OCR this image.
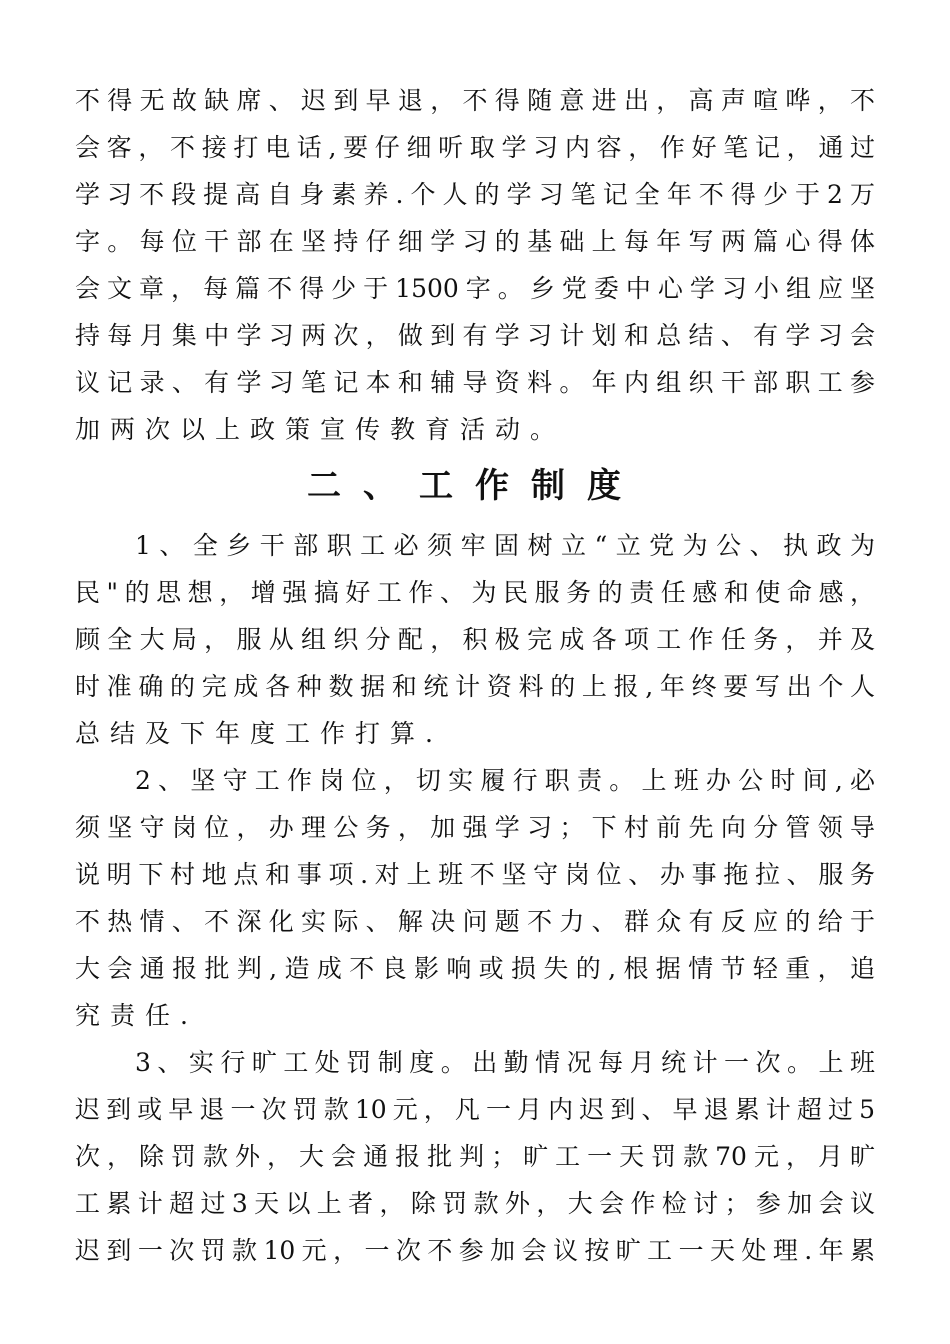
不得无故缺席、迟到早退，不得随意进出，高声喧哗，不
会客，不接打电话,要仔细听取学习内容，作好笔记，通过
学习不段提高自身素养.个人的学习笔记全年不得少于2万
字。每位干部在坚持仔细学习的基础上每年写两篇心得体
会文章，每篇不得少于1500字。乡党委中心学习小组应坚
持每月集中学习两次，做到有学习计划和总结、有学习会
议记录、有学习笔记本和辅导资料。年内组织干部职工参
加两次以上政策宣传教育活动。
二、工作制度
1、全乡干部职工必须牢固树立“立党为公、执政为
民"的思想，增强搞好工作、为民服务的责任感和使命感，
顾全大局，服从组织分配，积极完成各项工作任务，并及
时准确的完成各种数据和统计资料的上报,年终要写出个人
总结及下年度工作打算.
2、坚守工作岗位，切实履行职责。上班办公时间,必
须坚守岗位，办理公务，加强学习；下村前先向分管领导
说明下村地点和事项.对上班不坚守岗位、办事拖拉、服务
不热情、不深化实际、解决问题不力、群众有反应的给于
大会通报批判,造成不良影响或损失的,根据情节轻重，追
究责任.
3、实行旷工处罚制度。出勤情况每月统计一次。上班
迟到或早退一次罚款10元，凡一月内迟到、早退累计超过5
次，除罚款外，大会通报批判；旷工一天罚款70元，月旷
工累计超过3天以上者，除罚款外，大会作检讨；参加会议
迟到一次罚款10元，一次不参加会议按旷工一天处理.年累
